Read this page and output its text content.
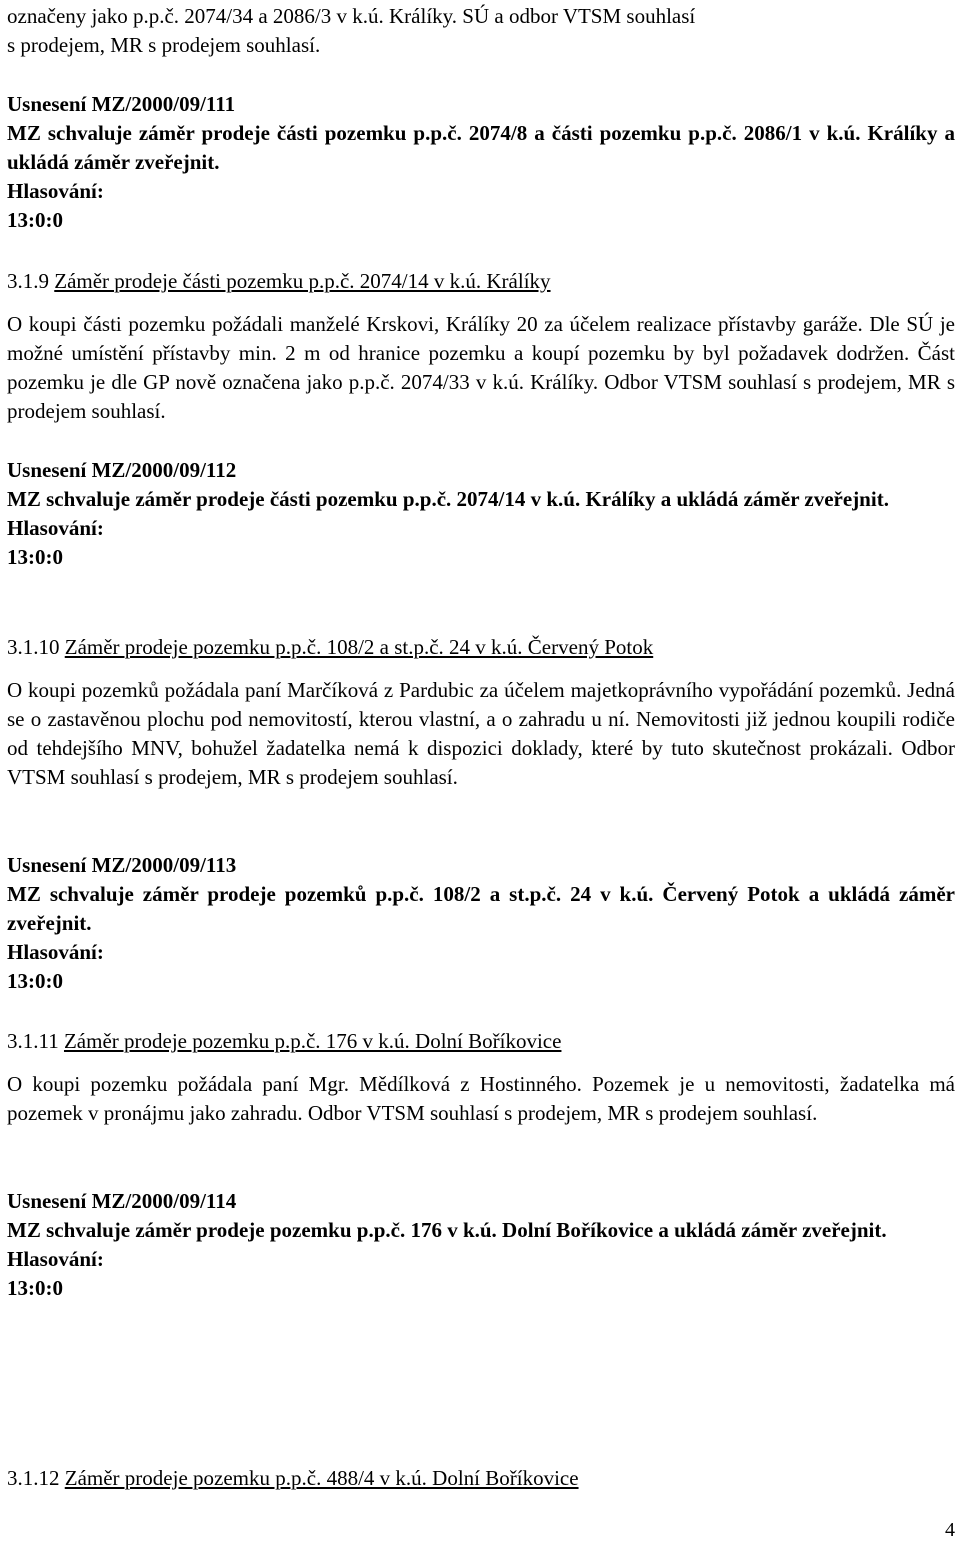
označeny jako p.p.č. 2074/34 a 2086/3 v k.ú. Králíky. SÚ a odbor VTSM souhlasí
s prodejem, MR s prodejem souhlasí.
Usnesení MZ/2000/09/111
MZ schvaluje záměr prodeje části pozemku p.p.č. 2074/8 a části pozemku p.p.č. 2086/1 v k.ú. Králíky a ukládá záměr zveřejnit.
Hlasování:
13:0:0
3.1.9 Záměr prodeje části pozemku p.p.č. 2074/14 v k.ú. Králíky
O koupi části pozemku požádali manželé Krskovi, Králíky 20 za účelem realizace přístavby garáže. Dle SÚ je možné umístění přístavby min. 2 m od hranice pozemku a koupí pozemku by byl požadavek dodržen. Část pozemku je dle GP nově označena jako p.p.č. 2074/33 v k.ú. Králíky. Odbor VTSM souhlasí s prodejem, MR s prodejem souhlasí.
Usnesení MZ/2000/09/112
MZ schvaluje záměr prodeje části pozemku p.p.č. 2074/14 v k.ú. Králíky a ukládá záměr zveřejnit.
Hlasování:
13:0:0
3.1.10 Záměr prodeje pozemku p.p.č. 108/2 a st.p.č. 24 v k.ú. Červený Potok
O koupi pozemků požádala paní Marčíková z Pardubic za účelem majetkoprávního vypořádání pozemků. Jedná se o zastavěnou plochu pod nemovitostí, kterou vlastní, a o zahradu u ní. Nemovitosti již jednou koupili rodiče od tehdejšího MNV, bohužel žadatelka nemá k dispozici doklady, které by tuto skutečnost prokázali. Odbor VTSM souhlasí s prodejem, MR s prodejem souhlasí.
Usnesení MZ/2000/09/113
MZ schvaluje záměr prodeje pozemků p.p.č. 108/2 a st.p.č. 24 v k.ú. Červený Potok a ukládá záměr zveřejnit.
Hlasování:
13:0:0
3.1.11 Záměr prodeje pozemku p.p.č. 176 v k.ú. Dolní Boříkovice
O koupi pozemku požádala paní Mgr. Mědílková z Hostinného. Pozemek je u nemovitosti, žadatelka má pozemek v pronájmu jako zahradu. Odbor VTSM souhlasí s prodejem, MR s prodejem souhlasí.
Usnesení MZ/2000/09/114
MZ schvaluje záměr prodeje pozemku p.p.č. 176 v k.ú. Dolní Boříkovice a ukládá záměr zveřejnit.
Hlasování:
13:0:0
3.1.12 Záměr prodeje pozemku p.p.č. 488/4 v k.ú. Dolní Boříkovice
4
